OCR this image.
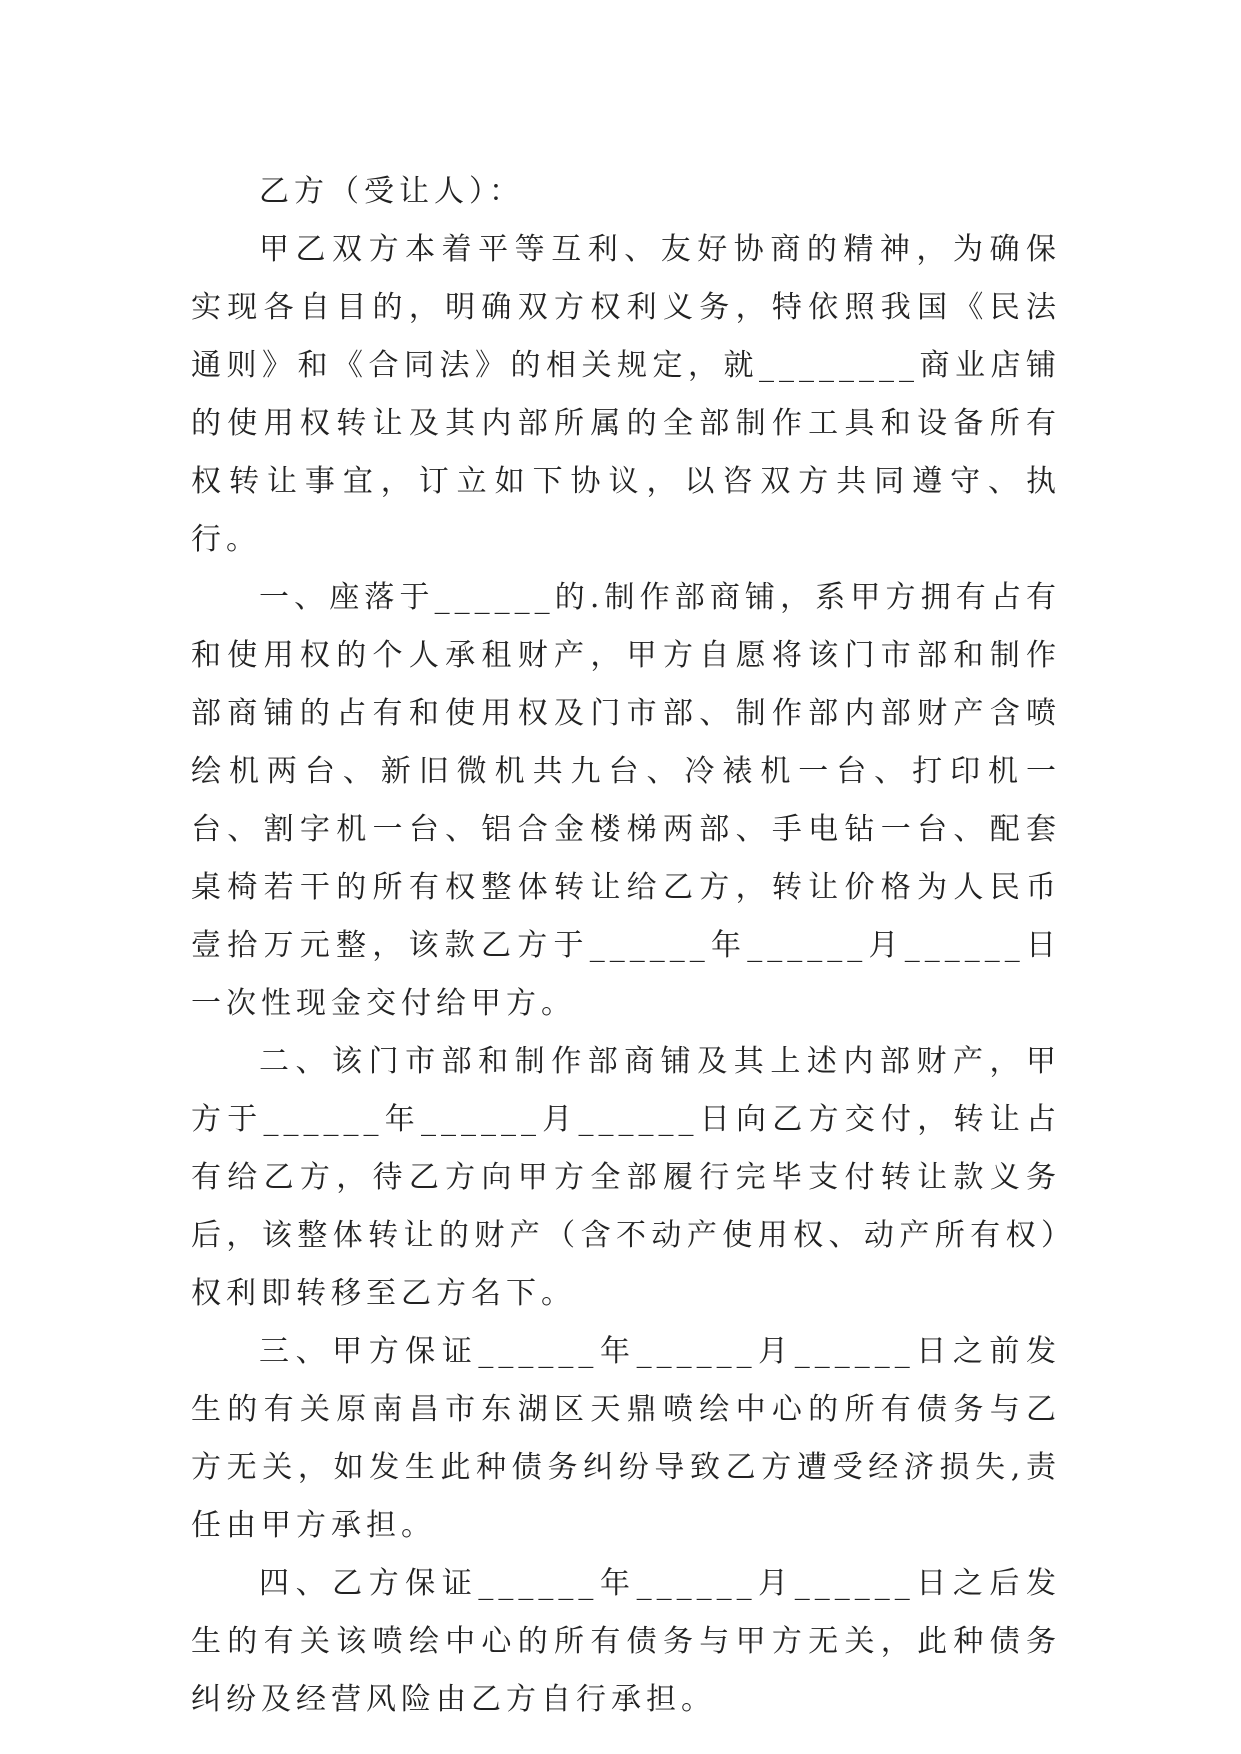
乙方（受让人）：

甲乙双方本着平等互利、友好协商的精神，为确保实现各自目的，明确双方权利义务，特依照我国《民法通则》和《合同法》的相关规定，就________商业店铺的使用权转让及其内部所属的全部制作工具和设备所有权转让事宜，订立如下协议，以咨双方共同遵守、执行。

一、座落于______的.制作部商铺，系甲方拥有占有和使用权的个人承租财产，甲方自愿将该门市部和制作部商铺的占有和使用权及门市部、制作部内部财产含喷绘机两台、新旧微机共九台、冷裱机一台、打印机一台、割字机一台、铝合金楼梯两部、手电钻一台、配套桌椅若干的所有权整体转让给乙方，转让价格为人民币壹拾万元整，该款乙方于______年______月______日一次性现金交付给甲方。

二、该门市部和制作部商铺及其上述内部财产，甲方于______年______月______日向乙方交付，转让占有给乙方，待乙方向甲方全部履行完毕支付转让款义务后，该整体转让的财产（含不动产使用权、动产所有权）权利即转移至乙方名下。

三、甲方保证______年______月______日之前发生的有关原南昌市东湖区天鼎喷绘中心的所有债务与乙方无关，如发生此种债务纠纷导致乙方遭受经济损失,责任由甲方承担。

四、乙方保证______年______月______日之后发生的有关该喷绘中心的所有债务与甲方无关，此种债务纠纷及经营风险由乙方自行承担。
